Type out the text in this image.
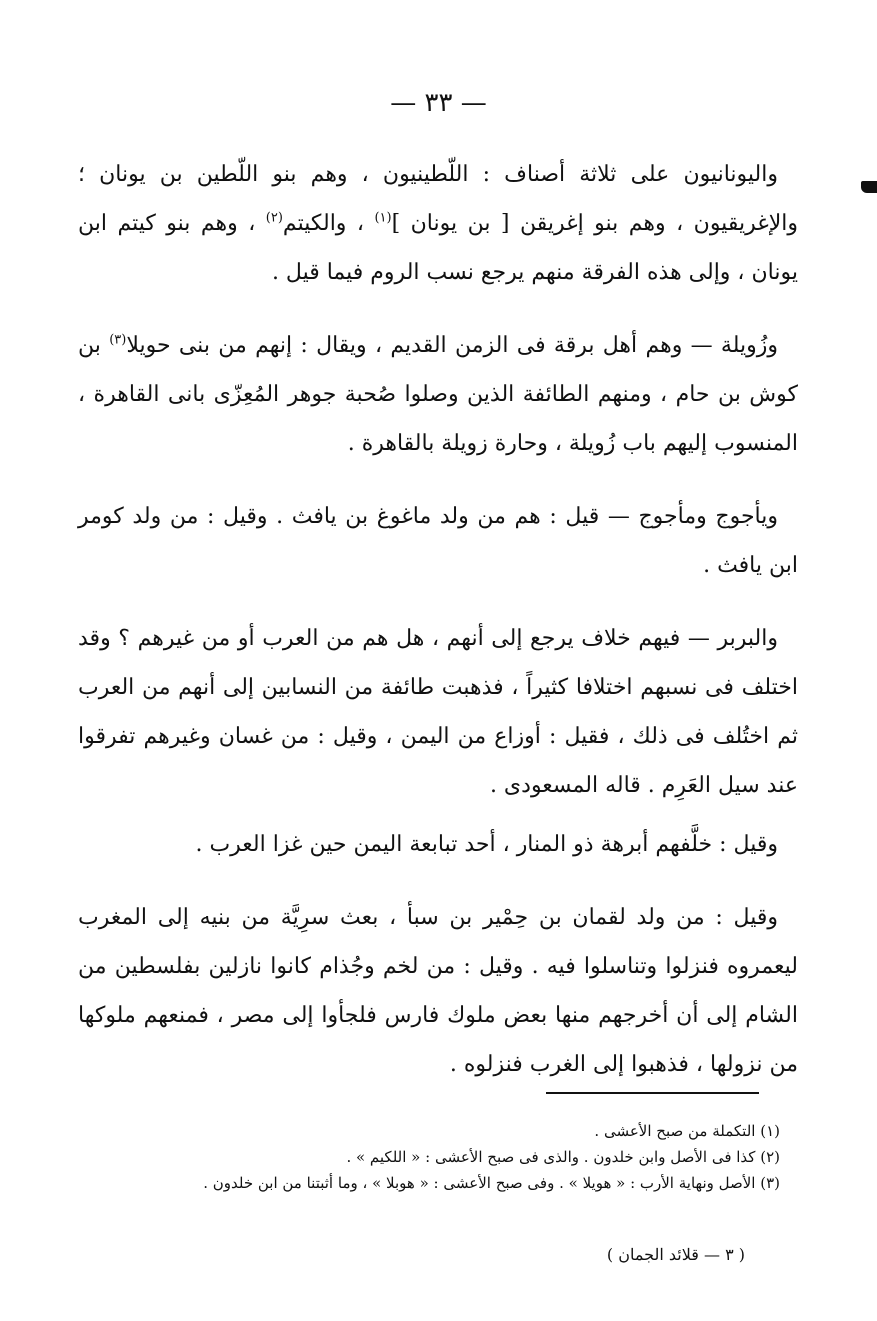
— ٣٣ —

واليونانيون على ثلاثة أصناف : اللّطينيون ، وهم بنو اللّطين بن يونان ؛ والإغريقيون ، وهم بنو إغريقن [ بن يونان ]$^{(١)}$ ، والكيتم$^{(٢)}$ ، وهم بنو كيتم ابن يونان ، وإلى هذه الفرقة منهم يرجع نسب الروم فيما قيل .

وزُويلة — وهم أهل برقة فى الزمن القديم ، ويقال : إنهم من بنى حويلا$^{(٣)}$ بن كوش بن حام ، ومنهم الطائفة الذين وصلوا صُحبة جوهر المُعِزّى بانى القاهرة ، المنسوب إليهم باب زُويلة ، وحارة زويلة بالقاهرة .

ويأجوج ومأجوج — قيل : هم من ولد ماغوغ بن يافث . وقيل : من ولد كومر ابن يافث .

والبربر — فيهم خلاف يرجع إلى أنهم ، هل هم من العرب أو من غيرهم ؟ وقد اختلف فى نسبهم اختلافا كثيراً ، فذهبت طائفة من النسابين إلى أنهم من العرب ثم اختُلف فى ذلك ، فقيل : أوزاع من اليمن ، وقيل : من غسان وغيرهم تفرقوا عند سيل العَرِم . قاله المسعودى .

وقيل : خلَّفهم أبرهة ذو المنار ، أحد تبابعة اليمن حين غزا العرب .

وقيل : من ولد لقمان بن حِمْير بن سبأ ، بعث سرِيَّة من بنيه إلى المغرب ليعمروه فنزلوا وتناسلوا فيه . وقيل : من لخم وجُذام كانوا نازلين بفلسطين من الشام إلى أن أخرجهم منها بعض ملوك فارس فلجأوا إلى مصر ، فمنعهم ملوكها من نزولها ، فذهبوا إلى الغرب فنزلوه .

(١) التكملة من صبح الأعشى .

(٢) كذا فى الأصل وابن خلدون . والذى فى صبح الأعشى : « اللكيم » .

(٣) الأصل ونهاية الأرب : « هويلا » . وفى صبح الأعشى : « هوبلا » ، وما أثبتنا من ابن خلدون .

( ٣ — قلائد الجمان )
